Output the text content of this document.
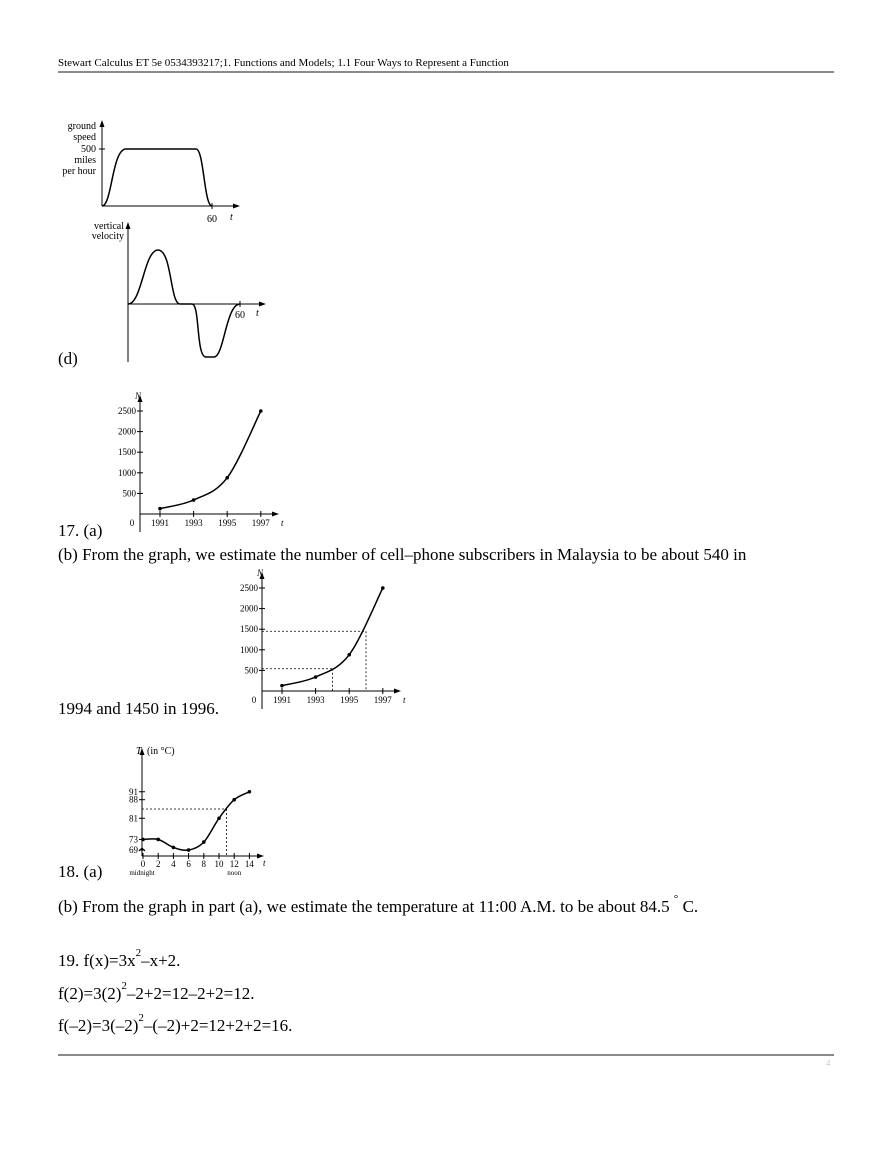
Stewart Calculus ET 5e 0534393217;1. Functions and Models; 1.1 Four Ways to Represent a Function
ground
speed
500
miles
per hour
60 t
vertical
velocity
60 t
(d)
N
t
0
2500
2000
1500
1000
500
1991 1993 1995 1997
17. (a)
(b) From the graph, we estimate the number of cell–phone subscribers in Malaysia to be about 540 in
N
t
0
2500
2000
1500
1000
500
1991 1993 1995 1997
1994 and 1450 in 1996.
T (in °C)
t
91
88
81
73
69
0 2 4 6 8 10 12 14
midnight	noon
18. (a)
(b) From the graph in part (a), we estimate the temperature at 11:00 A.M. to be about 84.5 ° C.
19. $f(x)=3x^2-x+2$.
$f(2)=3(2)^2-2+2=12-2+2=12$.
$f(-2)=3(-2)^2-(-2)+2=12+2+2=16$.
4
